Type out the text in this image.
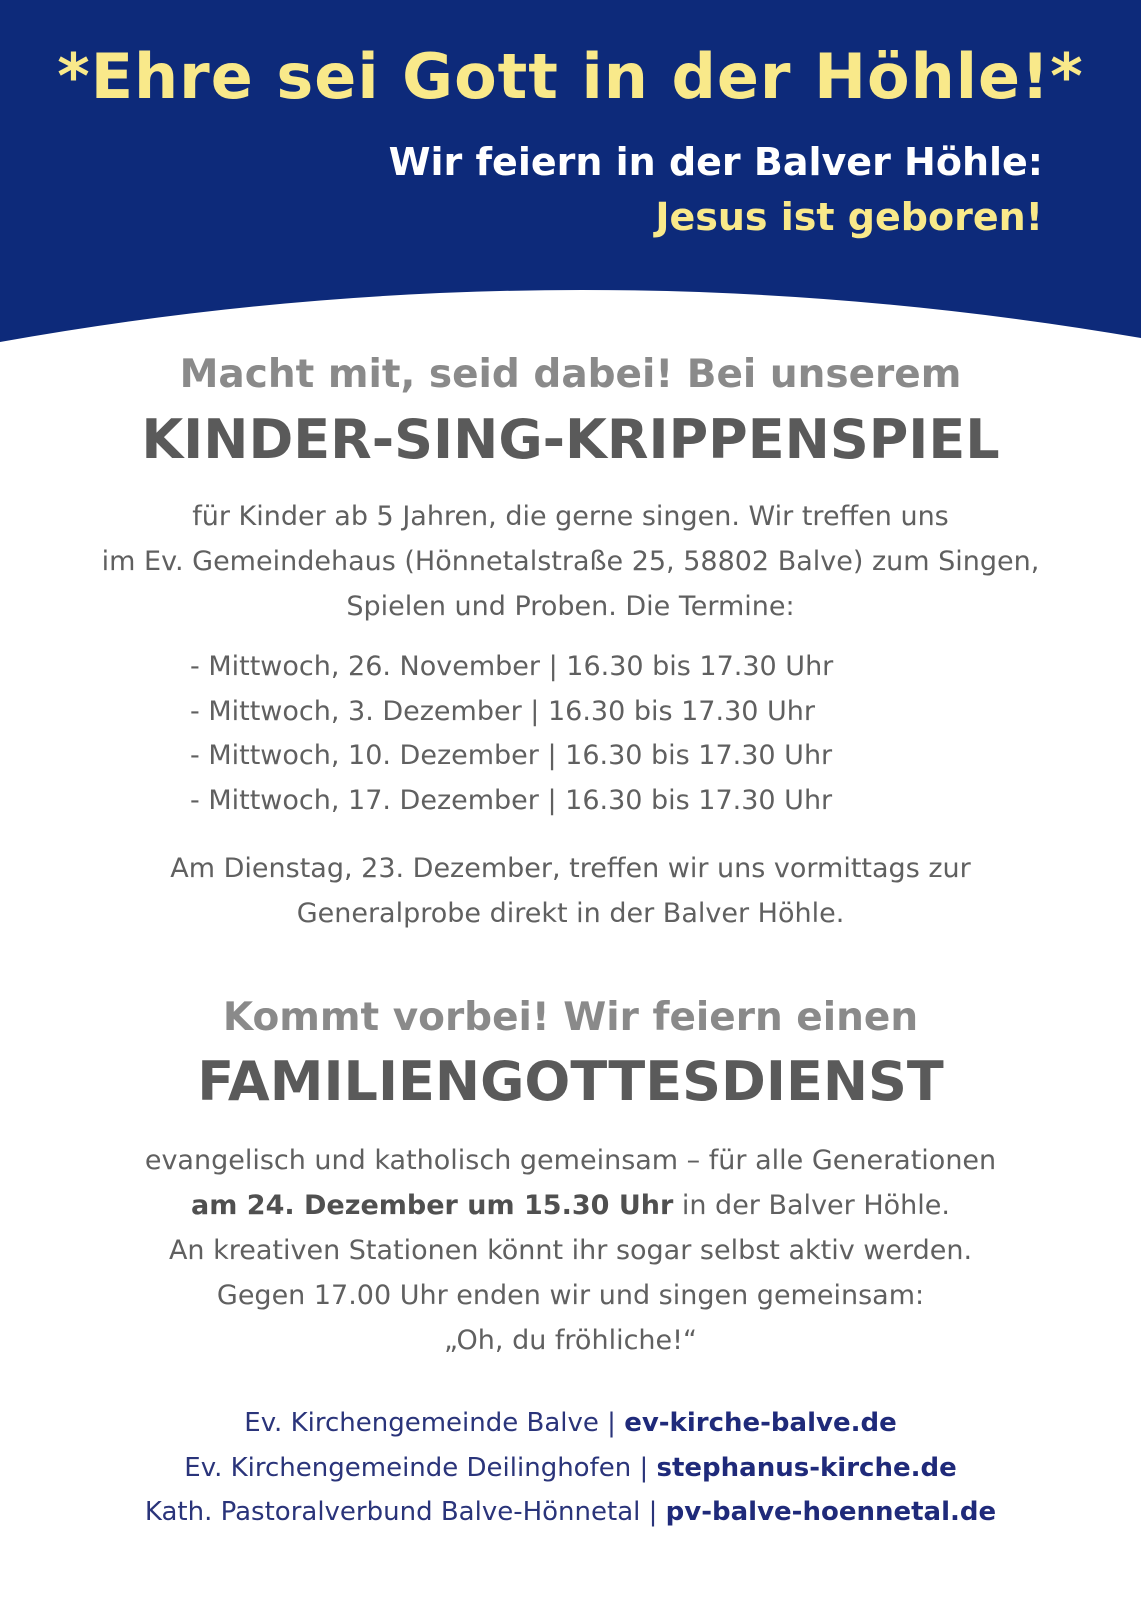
*Ehre sei Gott in der Höhle!*
Wir feiern in der Balver Höhle:
Jesus ist geboren!
Macht mit, seid dabei! Bei unserem
KINDER-SING-KRIPPENSPIEL

für Kinder ab 5 Jahren, die gerne singen. Wir treffen uns

im Ev. Gemeindehaus (Hönnetalstraße 25, 58802 Balve) zum Singen,

Spielen und Proben. Die Termine:

- Mittwoch, 26. November | 16.30 bis 17.30 Uhr
- Mittwoch, 3. Dezember | 16.30 bis 17.30 Uhr
- Mittwoch, 10. Dezember | 16.30 bis 17.30 Uhr
- Mittwoch, 17. Dezember | 16.30 bis 17.30 Uhr

Am Dienstag, 23. Dezember, treffen wir uns vormittags zur

Generalprobe direkt in der Balver Höhle.

Kommt vorbei! Wir feiern einen
FAMILIENGOTTESDIENST

evangelisch und katholisch gemeinsam – für alle Generationen

am 24. Dezember um 15.30 Uhr in der Balver Höhle.

An kreativen Stationen könnt ihr sogar selbst aktiv werden.

Gegen 17.00 Uhr enden wir und singen gemeinsam:

„Oh, du fröhliche!“

Ev. Kirchengemeinde Balve | ev-kirche-balve.de
Ev. Kirchengemeinde Deilinghofen | stephanus-kirche.de
Kath. Pastoralverbund Balve-Hönnetal | pv-balve-hoennetal.de
